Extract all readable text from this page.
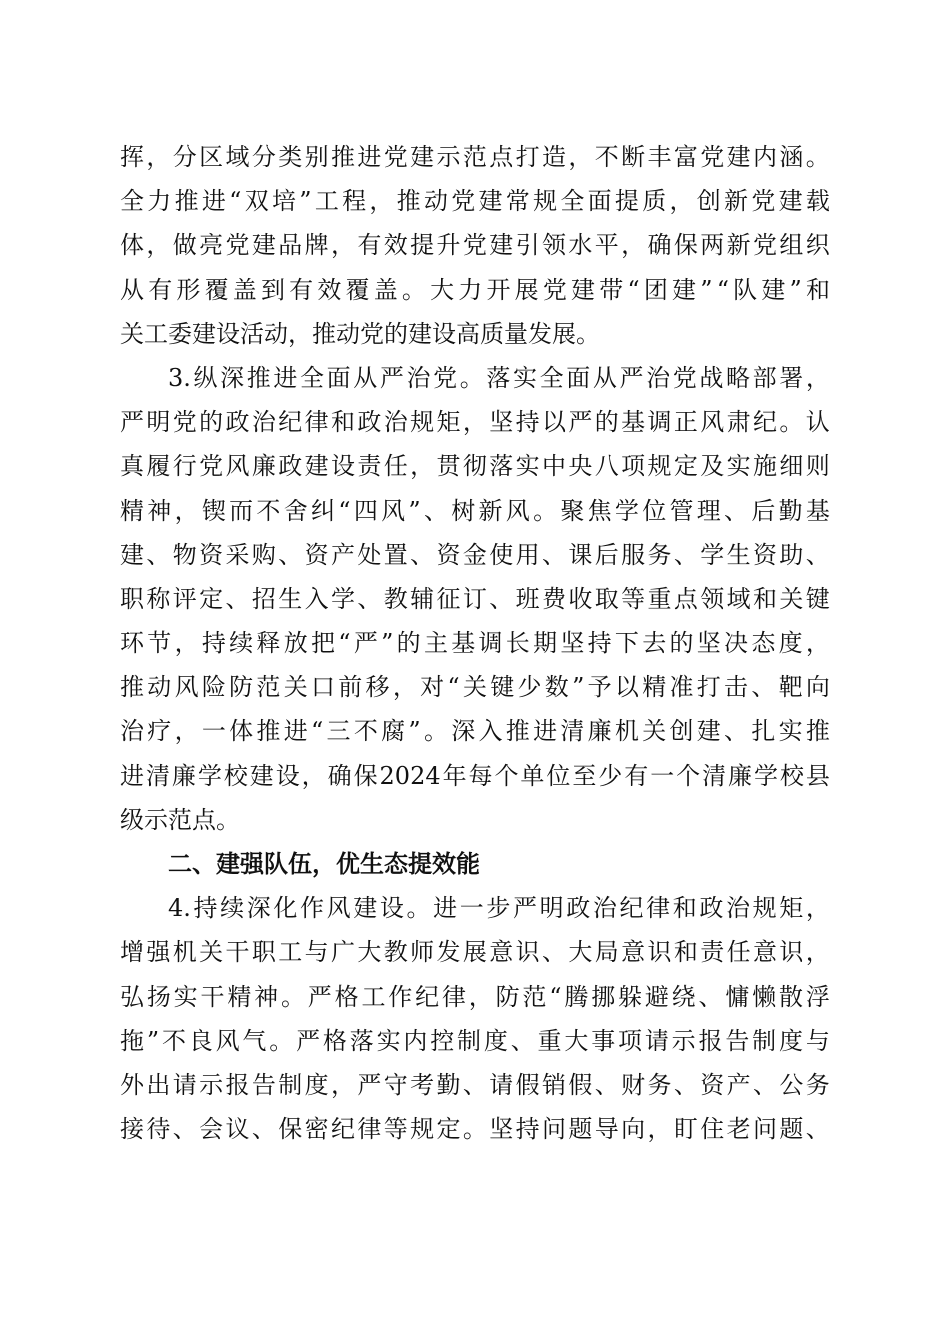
挥 ， 分 区 域 分 类 别 推 进 党 建 示 范 点 打 造 ， 不 断 丰 富 党 建 内 涵 。
全 力 推 进 “ 双 培 ” 工 程 ， 推 动 党 建 常 规 全 面 提 质 ， 创 新 党 建 载
体 ， 做 亮 党 建 品 牌 ， 有 效 提 升 党 建 引 领 水 平 ， 确 保 两 新 党 组 织
从 有 形 覆 盖 到 有 效 覆 盖 。 大 力 开 展 党 建 带 “ 团 建 ” “ 队 建 ” 和
关工委建设活动，推动党的建设高质量发展。
3. 纵 深 推 进 全 面 从 严 治 党 。 落 实 全 面 从 严 治 党 战 略 部 署 ，
严 明 党 的 政 治 纪 律 和 政 治 规 矩 ， 坚 持 以 严 的 基 调 正 风 肃 纪 。 认
真 履 行 党 风 廉 政 建 设 责 任 ， 贯 彻 落 实 中 央 八 项 规 定 及 实 施 细 则
精 神 ， 锲 而 不 舍 纠 “ 四 风 ” 、 树 新 风 。 聚 焦 学 位 管 理 、 后 勤 基
建 、 物 资 采 购 、 资 产 处 置 、 资 金 使 用 、 课 后 服 务 、 学 生 资 助 、
职 称 评 定 、 招 生 入 学 、 教 辅 征 订 、 班 费 收 取 等 重 点 领 域 和 关 键
环 节 ， 持 续 释 放 把 “ 严 ” 的 主 基 调 长 期 坚 持 下 去 的 坚 决 态 度 ，
推 动 风 险 防 范 关 口 前 移 ， 对 “ 关 键 少 数 ” 予 以 精 准 打 击 、 靶 向
治 疗 ， 一 体 推 进 “ 三 不 腐 ” 。 深 入 推 进 清 廉 机 关 创 建 、 扎 实 推
进 清 廉 学 校 建 设 ， 确 保 2024 年 每 个 单 位 至 少 有 一 个 清 廉 学 校 县
级示范点。
二、建强队伍，优生态提效能
4. 持 续 深 化 作 风 建 设 。 进 一 步 严 明 政 治 纪 律 和 政 治 规 矩 ，
增 强 机 关 干 职 工 与 广 大 教 师 发 展 意 识 、 大 局 意 识 和 责 任 意 识 ，
弘 扬 实 干 精 神 。 严 格 工 作 纪 律 ， 防 范 “ 腾 挪 躲 避 绕 、 慵 懒 散 浮
拖 ” 不 良 风 气 。 严 格 落 实 内 控 制 度 、 重 大 事 项 请 示 报 告 制 度 与
外 出 请 示 报 告 制 度 ， 严 守 考 勤 、 请 假 销 假 、 财 务 、 资 产 、 公 务
接 待 、 会 议 、 保 密 纪 律 等 规 定 。 坚 持 问 题 导 向 ， 盯 住 老 问 题 、
